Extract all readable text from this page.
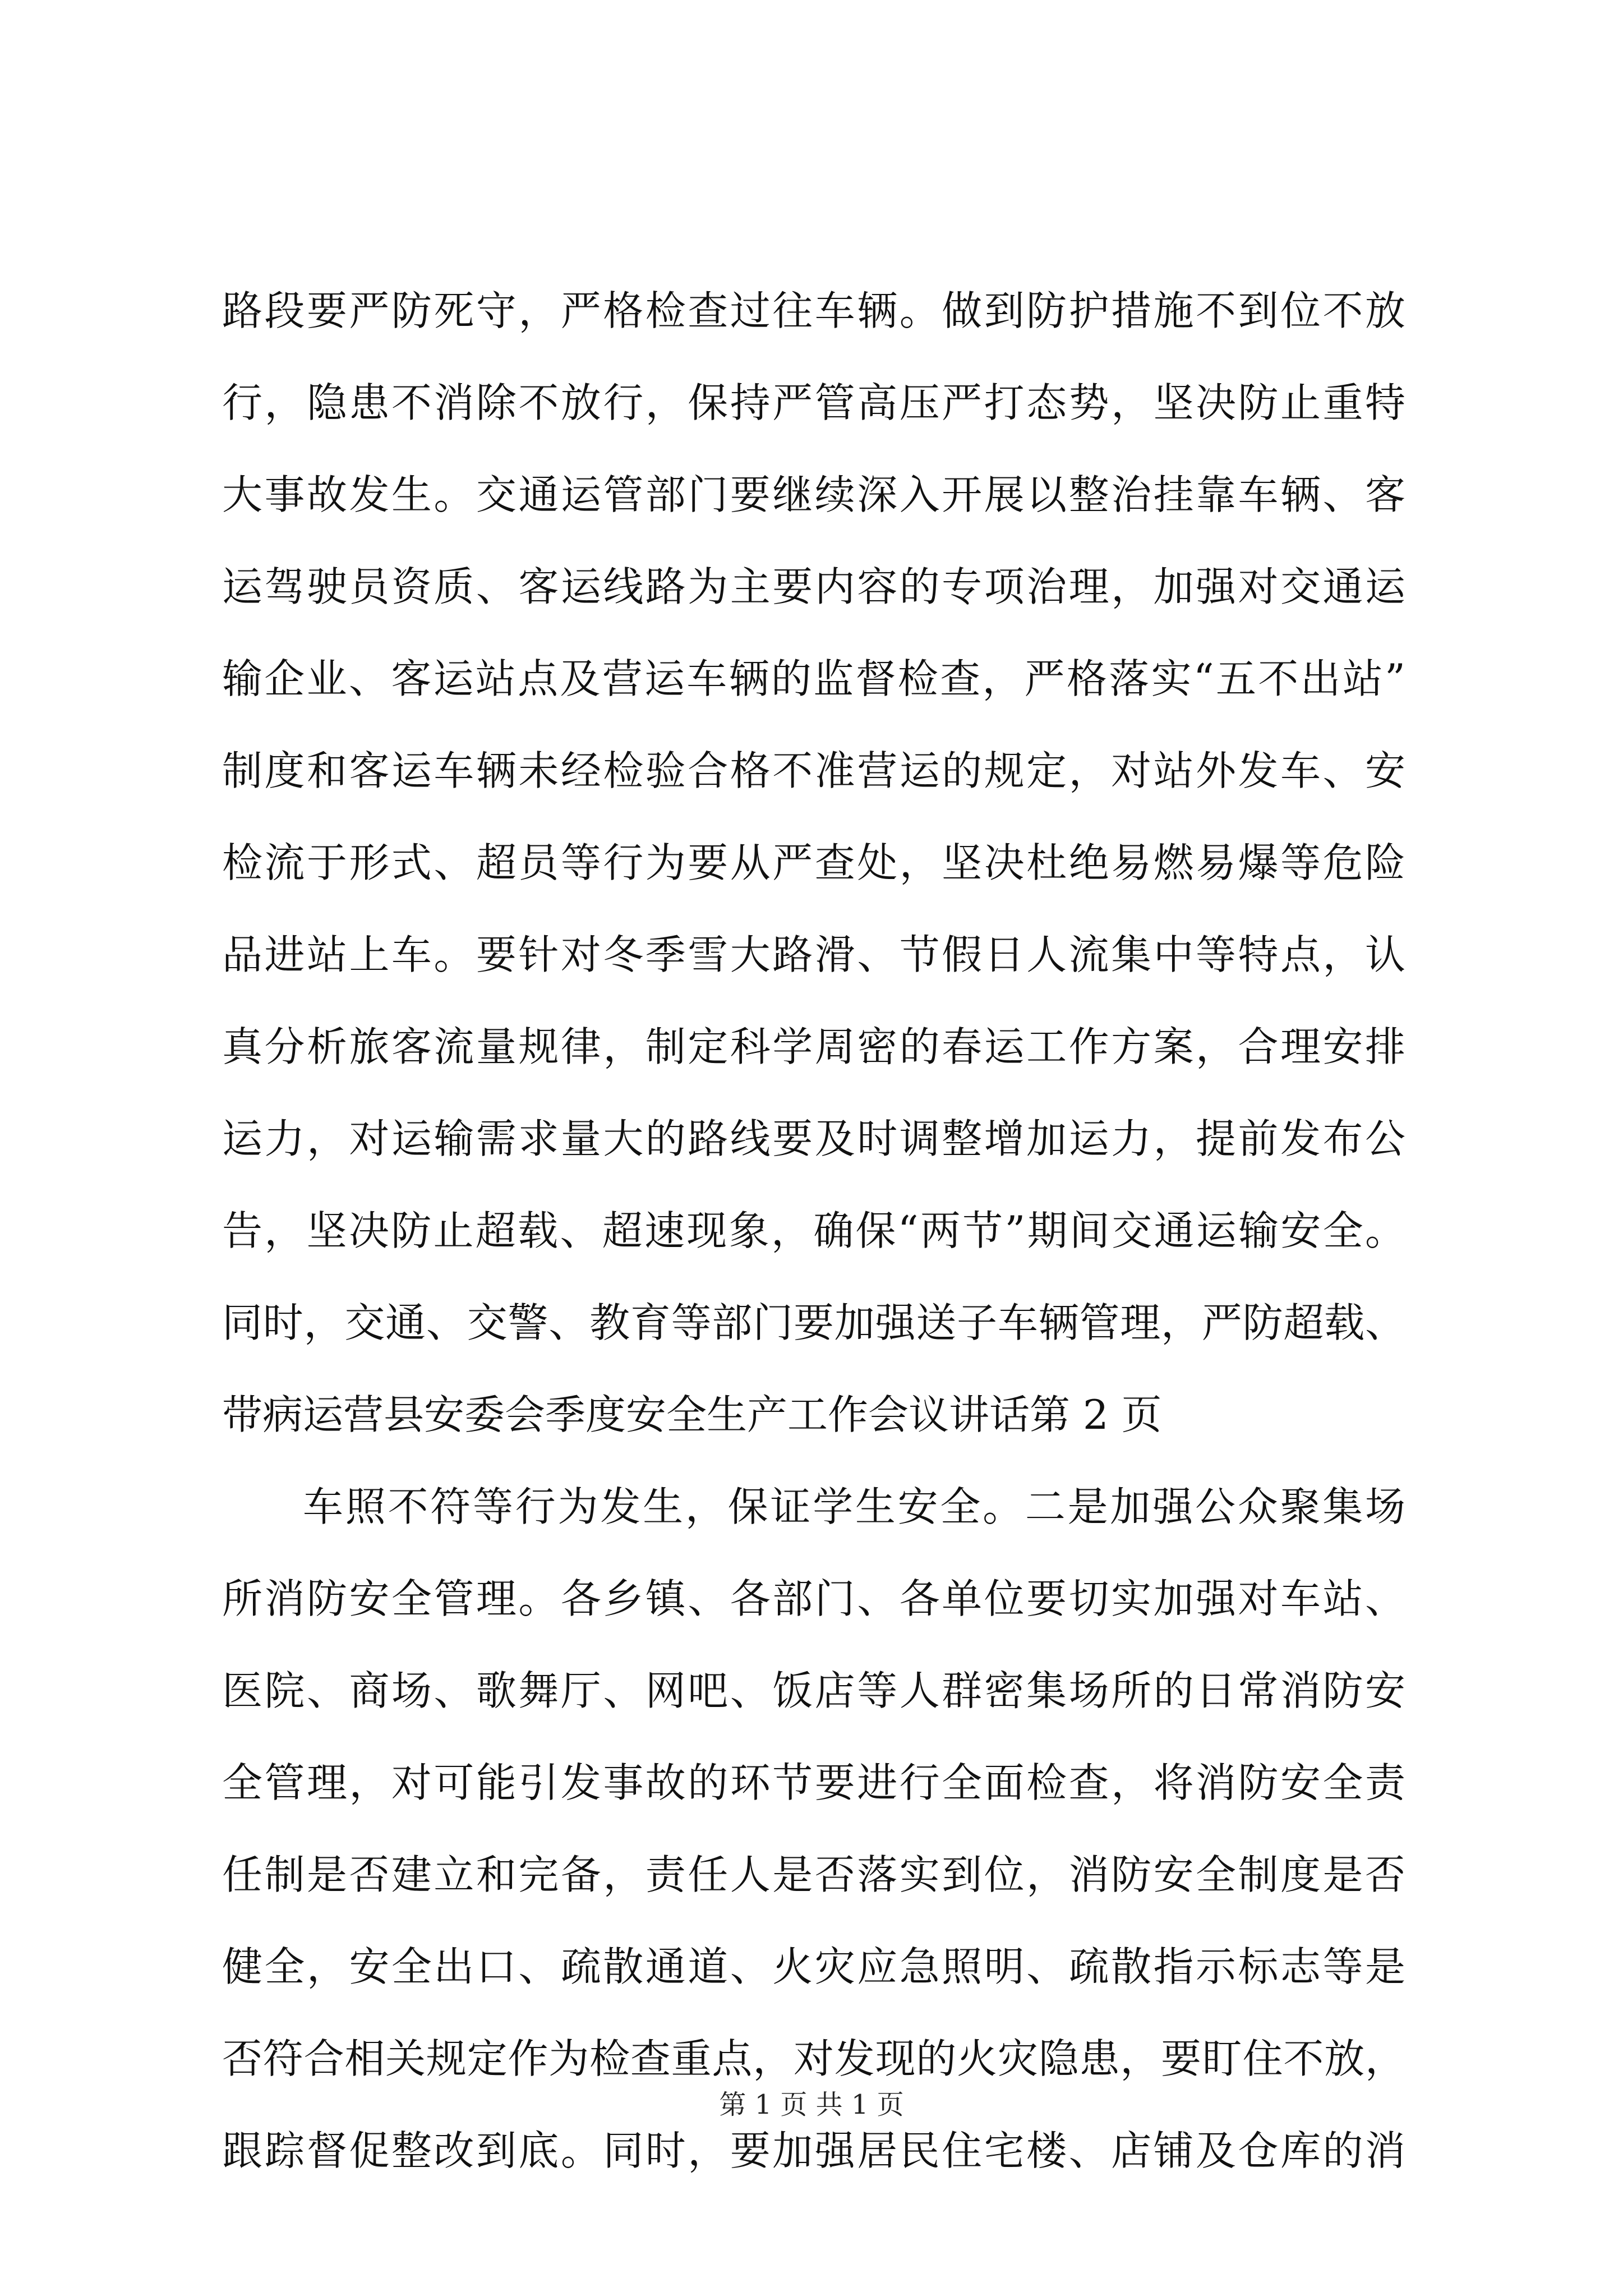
路段要严防死守，严格检查过往车辆。做到防护措施不到位不放
行，隐患不消除不放行，保持严管高压严打态势，坚决防止重特
大事故发生。交通运管部门要继续深入开展以整治挂靠车辆、客
运驾驶员资质、客运线路为主要内容的专项治理，加强对交通运
输企业、客运站点及营运车辆的监督检查，严格落实“五不出站”
制度和客运车辆未经检验合格不准营运的规定，对站外发车、安
检流于形式、超员等行为要从严查处，坚决杜绝易燃易爆等危险
品进站上车。要针对冬季雪大路滑、节假日人流集中等特点，认
真分析旅客流量规律，制定科学周密的春运工作方案，合理安排
运力，对运输需求量大的路线要及时调整增加运力，提前发布公
告，坚决防止超载、超速现象，确保“两节”期间交通运输安全。
同时，交通、交警、教育等部门要加强送子车辆管理，严防超载、
带病运营县安委会季度安全生产工作会议讲话第 2 页
车照不符等行为发生，保证学生安全。二是加强公众聚集场
所消防安全管理。各乡镇、各部门、各单位要切实加强对车站、
医院、商场、歌舞厅、网吧、饭店等人群密集场所的日常消防安
全管理，对可能引发事故的环节要进行全面检查，将消防安全责
任制是否建立和完备，责任人是否落实到位，消防安全制度是否
健全，安全出口、疏散通道、火灾应急照明、疏散指示标志等是
否符合相关规定作为检查重点，对发现的火灾隐患，要盯住不放，
跟踪督促整改到底。同时，要加强居民住宅楼、店铺及仓库的消
第 1 页 共 1 页
